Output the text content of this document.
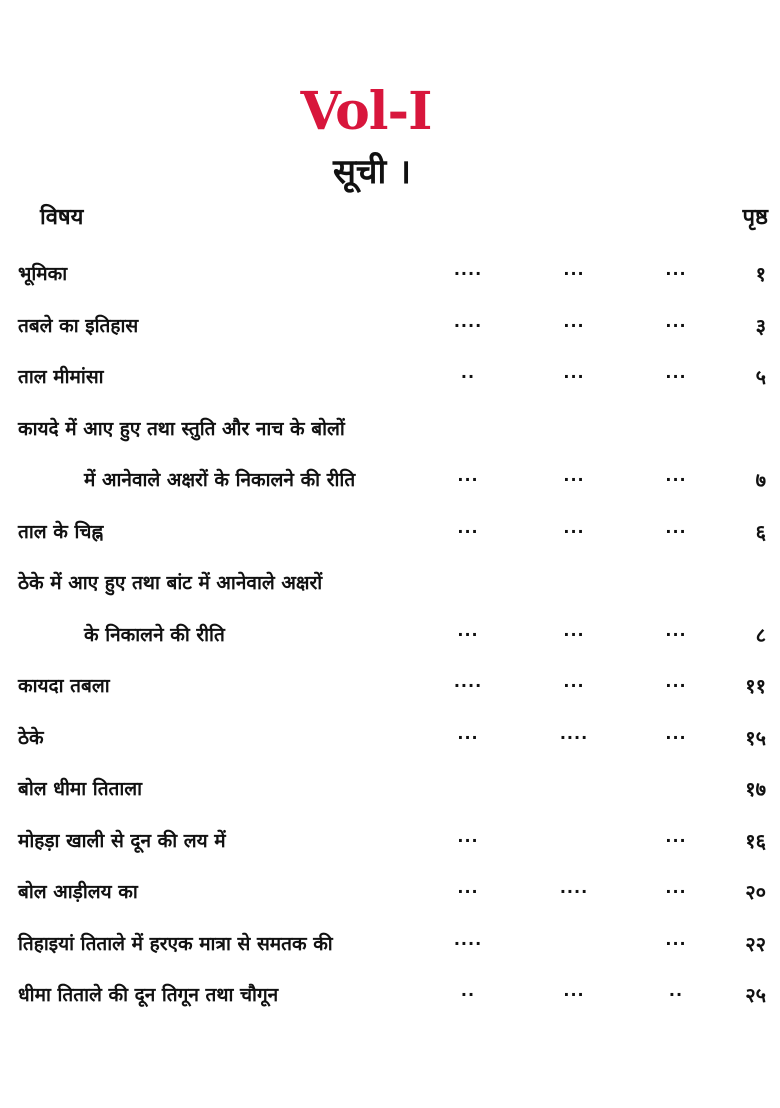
Vol-I
सूची ।
विषय	पृष्ठ
भूमिका	....	...	...	१
तबले का इतिहास	....	...	...	३
ताल मीमांसा	..	...	...	५
कायदे में आए हुए तथा स्तुति और नाच के बोलों
में आनेवाले अक्षरों के निकालने की रीति	...	...	...	७
ताल के चिह्न	...	...	...	६
ठेके में आए हुए तथा बांट में आनेवाले अक्षरों
के निकालने की रीति	...	...	...	८
कायदा तबला	....	...	...	११
ठेके	...	....	...	१५
बोल धीमा तिताला	१७
मोहड़ा खाली से दून की लय में	...	...	१६
बोल आड़ीलय का	...	....	...	२०
तिहाइयां तिताले में हरएक मात्रा से समतक की	....	...	२२
धीमा तिताले की दून तिगून तथा चौगून	..	...	..	२५
